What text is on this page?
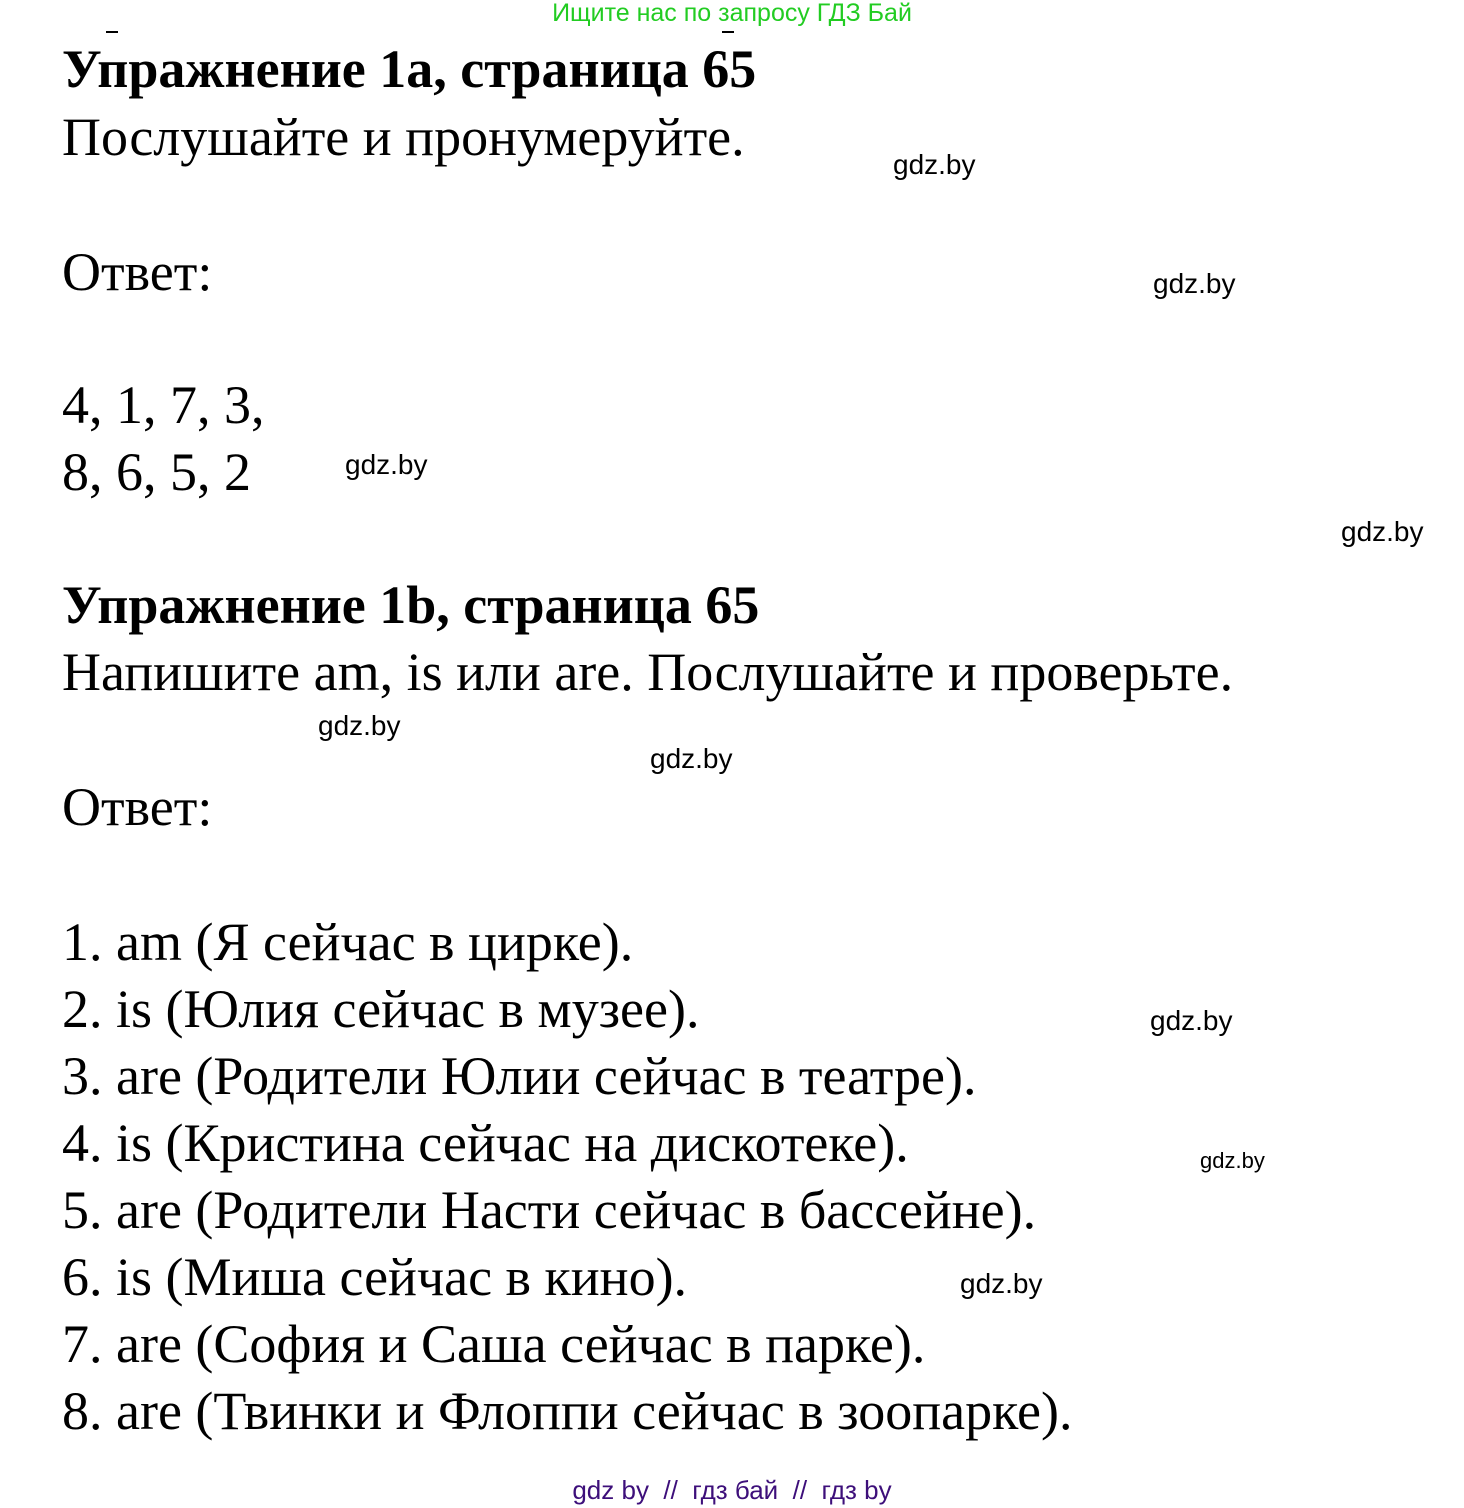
Ищите нас по запросу ГДЗ Бай
Упражнение 1a, страница 65
Послушайте и пронумеруйте.
Ответ:
4, 1, 7, 3,
8, 6, 5, 2
Упражнение 1b, страница 65
Напишите am, is или are. Послушайте и проверьте.
Ответ:
1. am (Я сейчас в цирке).
2. is (Юлия сейчас в музее).
3. are (Родители Юлии сейчас в театре).
4. is (Кристина сейчас на дискотеке).
5. are (Родители Насти сейчас в бассейне).
6. is (Миша сейчас в кино).
7. are (София и Саша сейчас в парке).
8. are (Твинки и Флоппи сейчас в зоопарке).
gdz.by
gdz.by
gdz.by
gdz.by
gdz.by
gdz.by
gdz.by
gdz.by
gdz.by
gdz by  //  гдз бай  //  гдз by
